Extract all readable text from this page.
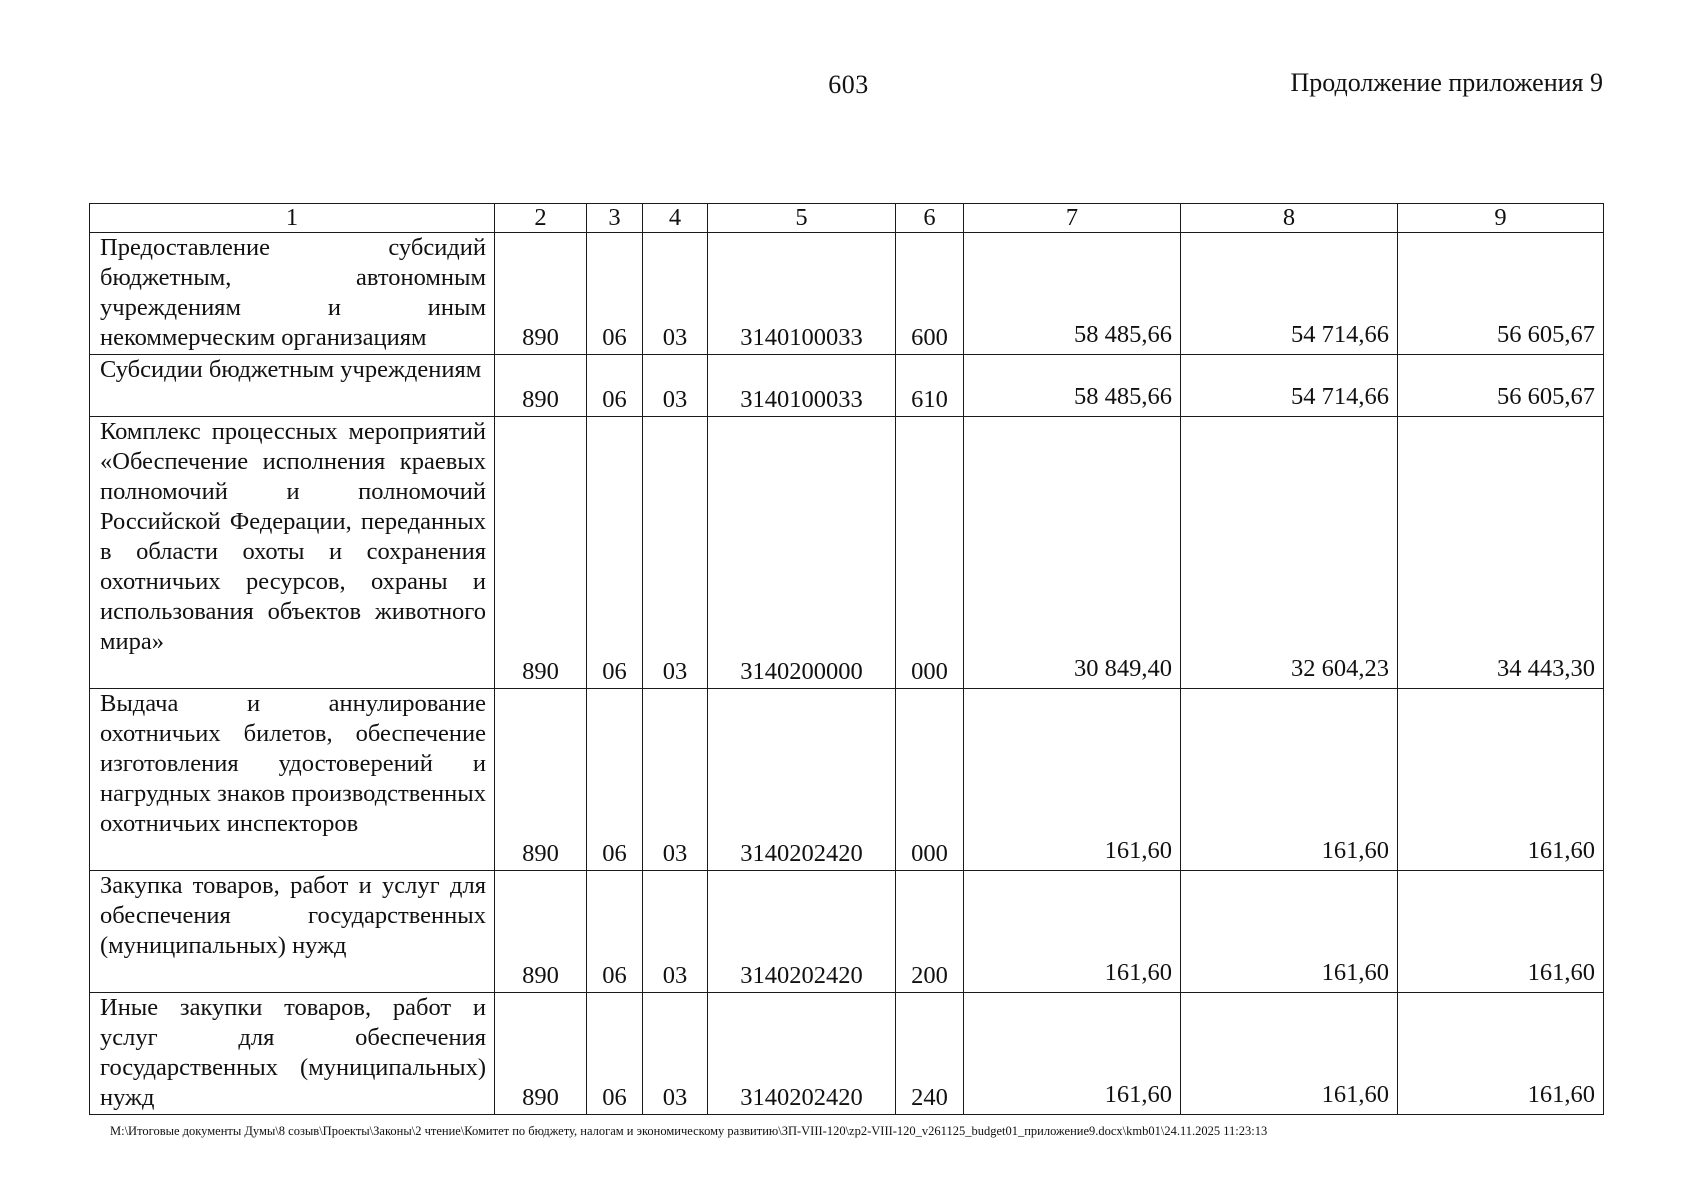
603	Продолжение приложения 9
1	2	3	4	5	6	7	8	9
Предоставление субсидий бюджетным, автономным учреждениям и иным некоммерческим организациям	890	06	03	3140100033	600	58 485,66	54 714,66	56 605,67
Субсидии бюджетным учреждениям	890	06	03	3140100033	610	58 485,66	54 714,66	56 605,67
Комплекс процессных мероприятий «Обеспечение исполнения краевых полномочий и полномочий Российской Федерации, переданных в области охоты и сохранения охотничьих ресурсов, охраны и использования объектов животного мира»	890	06	03	3140200000	000	30 849,40	32 604,23	34 443,30
Выдача и аннулирование охотничьих билетов, обеспечение изготовления удостоверений и нагрудных знаков производственных охотничьих инспекторов	890	06	03	3140202420	000	161,60	161,60	161,60
Закупка товаров, работ и услуг для обеспечения государственных (муниципальных) нужд	890	06	03	3140202420	200	161,60	161,60	161,60
Иные закупки товаров, работ и услуг для обеспечения государственных (муниципальных) нужд	890	06	03	3140202420	240	161,60	161,60	161,60
M:\Итоговые документы Думы\8 созыв\Проекты\Законы\2 чтение\Комитет по бюджету, налогам и экономическому развитию\ЗП-VIII-120\zp2-VIII-120_v261125_budget01_приложение9.docx\kmb01\24.11.2025 11:23:13
